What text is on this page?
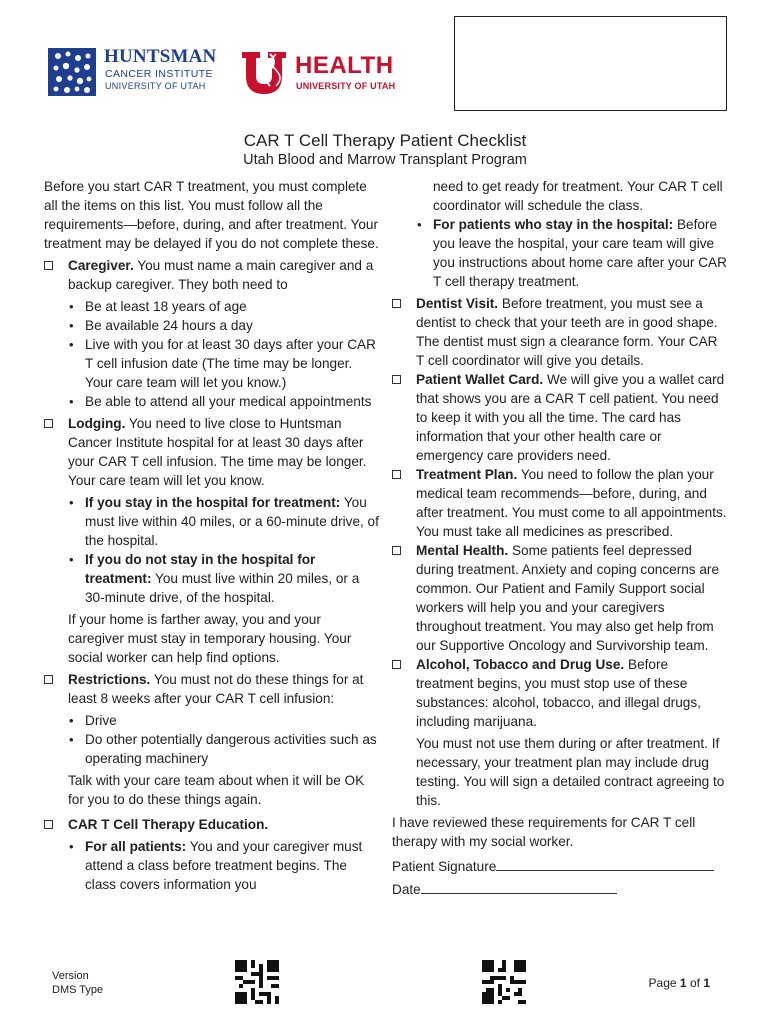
HUNTSMAN
CANCER INSTITUTE
UNIVERSITY OF UTAH
HEALTH
UNIVERSITY OF UTAH
CAR T Cell Therapy Patient Checklist
Utah Blood and Marrow Transplant Program

Before you start CAR T treatment, you must complete all the items on this list. You must follow all the requirements—before, during, and after treatment. Your treatment may be delayed if you do not complete these.

Caregiver. You must name a main caregiver and a backup caregiver. They both need to
• Be at least 18 years of age
• Be available 24 hours a day
• Live with you for at least 30 days after your CAR T cell infusion date (The time may be longer. Your care team will let you know.)
• Be able to attend all your medical appointments
Lodging. You need to live close to Huntsman Cancer Institute hospital for at least 30 days after your CAR T cell infusion. The time may be longer. Your care team will let you know.
• If you stay in the hospital for treatment: You must live within 40 miles, or a 60-minute drive, of the hospital.
• If you do not stay in the hospital for treatment: You must live within 20 miles, or a 30-minute drive, of the hospital.

If your home is farther away, you and your caregiver must stay in temporary housing. Your social worker can help find options.

Restrictions. You must not do these things for at least 8 weeks after your CAR T cell infusion:
• Drive
• Do other potentially dangerous activities such as operating machinery

Talk with your care team about when it will be OK for you to do these things again.

CAR T Cell Therapy Education.
• For all patients: You and your caregiver must attend a class before treatment begins. The class covers information you

need to get ready for treatment. Your CAR T cell coordinator will schedule the class.

• For patients who stay in the hospital: Before you leave the hospital, your care team will give you instructions about home care after your CAR T cell therapy treatment.
Dentist Visit. Before treatment, you must see a dentist to check that your teeth are in good shape. The dentist must sign a clearance form. Your CAR T cell coordinator will give you details.
Patient Wallet Card. We will give you a wallet card that shows you are a CAR T cell patient. You need to keep it with you all the time. The card has information that your other health care or emergency care providers need.
Treatment Plan. You need to follow the plan your medical team recommends—before, during, and after treatment. You must come to all appointments. You must take all medicines as prescribed.
Mental Health. Some patients feel depressed during treatment. Anxiety and coping concerns are common. Our Patient and Family Support social workers will help you and your caregivers throughout treatment. You may also get help from our Supportive Oncology and Survivorship team.
Alcohol, Tobacco and Drug Use. Before treatment begins, you must stop use of these substances: alcohol, tobacco, and illegal drugs, including marijuana.

You must not use them during or after treatment. If necessary, your treatment plan may include drug testing. You will sign a detailed contract agreeing to this.

I have reviewed these requirements for CAR T cell therapy with my social worker.

Patient Signature
Date
Version
DMS Type	Page 1 of 1
